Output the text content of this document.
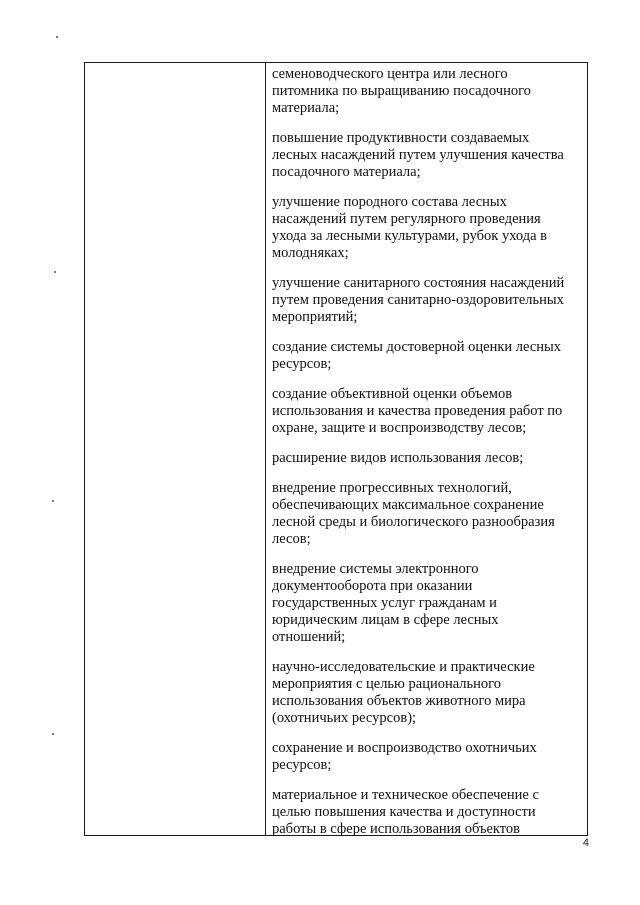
семеноводческого центра или лесного
питомника по выращиванию посадочного
материала;

повышение продуктивности создаваемых
лесных насаждений путем улучшения качества
посадочного материала;

улучшение породного состава лесных
насаждений путем регулярного проведения
ухода за лесными культурами, рубок ухода в
молодняках;

улучшение санитарного состояния насаждений
путем проведения санитарно-оздоровительных
мероприятий;

создание системы достоверной оценки лесных
ресурсов;

создание объективной оценки объемов
использования и качества проведения работ по
охране, защите и воспроизводству лесов;

расширение видов использования лесов;

внедрение прогрессивных технологий,
обеспечивающих максимальное сохранение
лесной среды и биологического разнообразия
лесов;

внедрение системы электронного
документооборота при оказании
государственных услуг гражданам и
юридическим лицам в сфере лесных
отношений;

научно-исследовательские и практические
мероприятия с целью рационального
использования объектов животного мира
(охотничьих ресурсов);

сохранение и воспроизводство охотничьих
ресурсов;

материальное и техническое обеспечение с
целью повышения качества и доступности
работы в сфере использования объектов

4
